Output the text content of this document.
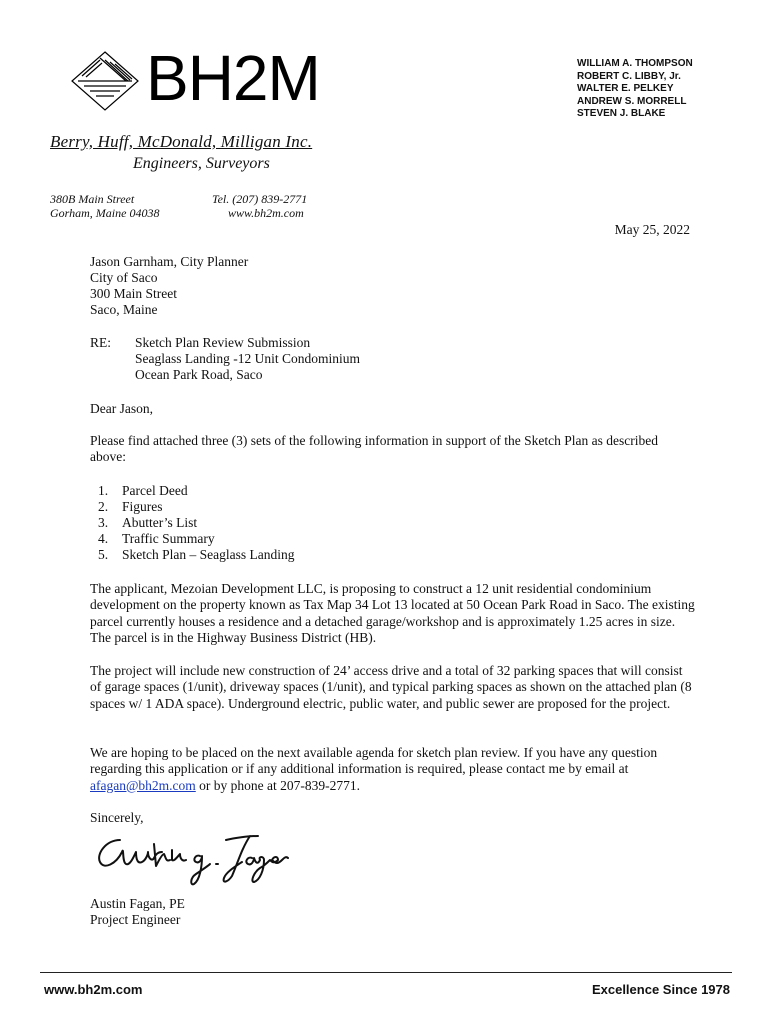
BH2M
Berry, Huff, McDonald, Milligan Inc.
Engineers, Surveyors
380B Main Street
Gorham, Maine 04038
Tel. (207) 839-2771
www.bh2m.com
WILLIAM A. THOMPSON
ROBERT C. LIBBY, Jr.
WALTER E. PELKEY
ANDREW S. MORRELL
STEVEN J. BLAKE
May 25, 2022
Jason Garnham, City Planner
City of Saco
300 Main Street
Saco, Maine
RE: Sketch Plan Review Submission
Seaglass Landing -12 Unit Condominium
Ocean Park Road, Saco
Dear Jason,
Please find attached three (3) sets of the following information in support of the Sketch Plan as described above:
1. Parcel Deed
2. Figures
3. Abutter’s List
4. Traffic Summary
5. Sketch Plan – Seaglass Landing
The applicant, Mezoian Development LLC, is proposing to construct a 12 unit residential condominium development on the property known as Tax Map 34 Lot 13 located at 50 Ocean Park Road in Saco. The existing parcel currently houses a residence and a detached garage/workshop and is approximately 1.25 acres in size. The parcel is in the Highway Business District (HB).
The project will include new construction of 24’ access drive and a total of 32 parking spaces that will consist of garage spaces (1/unit), driveway spaces (1/unit), and typical parking spaces as shown on the attached plan (8 spaces w/ 1 ADA space). Underground electric, public water, and public sewer are proposed for the project.
We are hoping to be placed on the next available agenda for sketch plan review. If you have any question regarding this application or if any additional information is required, please contact me by email at afagan@bh2m.com or by phone at 207-839-2771.
Sincerely,
Austin Fagan, PE
Project Engineer
www.bh2m.com	Excellence Since 1978
